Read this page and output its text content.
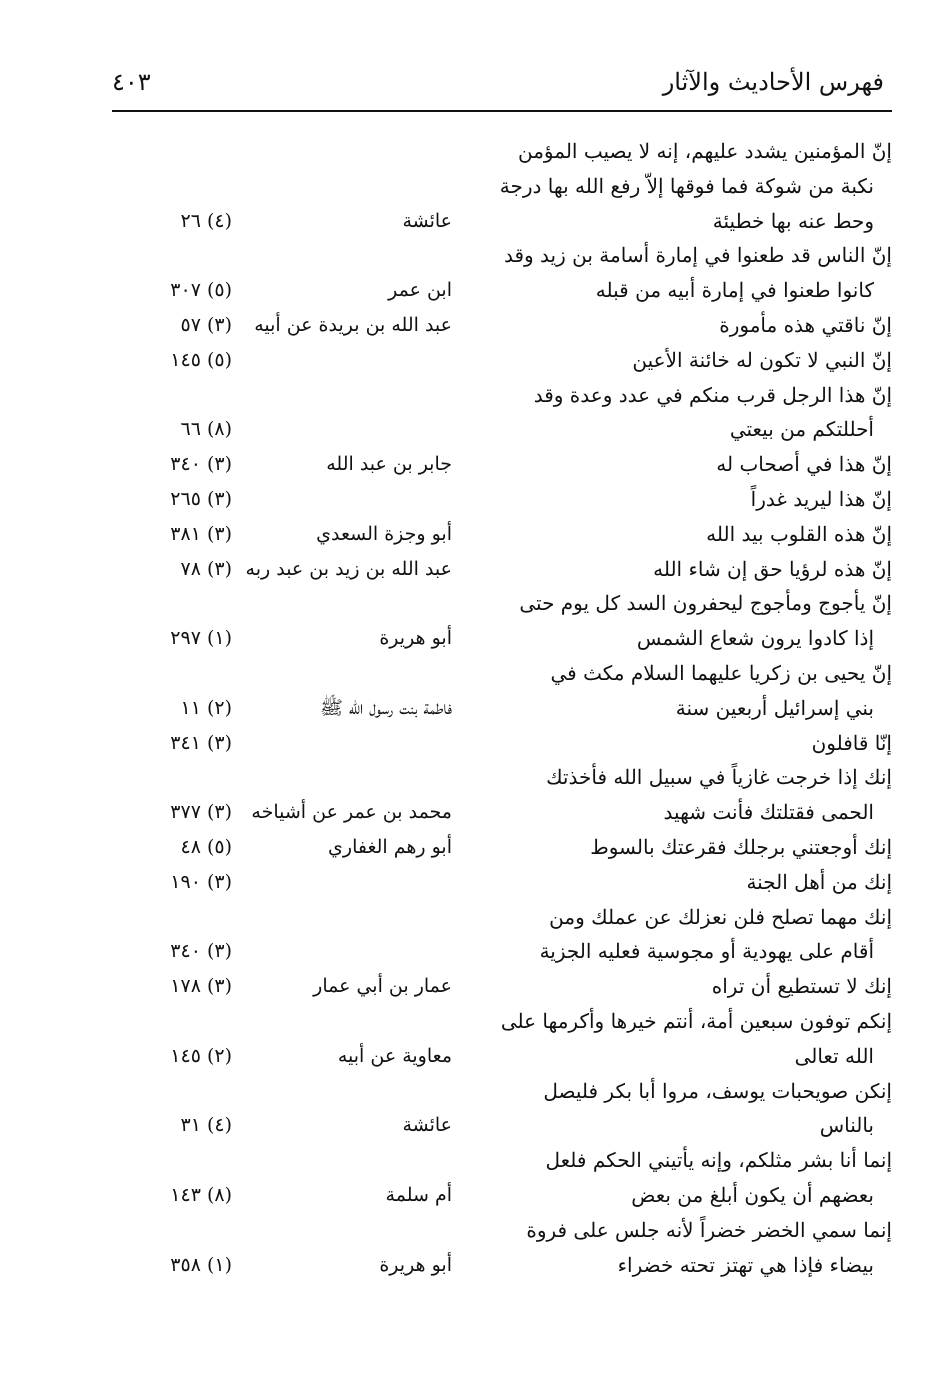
فهرس الأحاديث والآثار
٤٠٣
إنّ المؤمنين يشدد عليهم، إنه لا يصيب المؤمن
نكبة من شوكة فما فوقها إلاّ رفع الله بها درجة
وحط عنه بها خطيئة
عائشة
(٤) ٢٦
إنّ الناس قد طعنوا في إمارة أسامة بن زيد وقد
كانوا طعنوا في إمارة أبيه من قبله
ابن عمر
(٥) ٣٠٧
إنّ ناقتي هذه مأمورة
عبد الله بن بريدة عن أبيه
(٣) ٥٧
إنّ النبي لا تكون له خائنة الأعين
(٥) ١٤٥
إنّ هذا الرجل قرب منكم في عدد وعدة وقد
أحللتكم من بيعتي
(٨) ٦٦
إنّ هذا في أصحاب له
جابر بن عبد الله
(٣) ٣٤٠
إنّ هذا ليريد غدراً
(٣) ٢٦٥
إنّ هذه القلوب بيد الله
أبو وجزة السعدي
(٣) ٣٨١
إنّ هذه لرؤيا حق إن شاء الله
عبد الله بن زيد بن عبد ربه
(٣) ٧٨
إنّ يأجوج ومأجوج ليحفرون السد كل يوم حتى
إذا كادوا يرون شعاع الشمس
أبو هريرة
(١) ٢٩٧
إنّ يحيى بن زكريا عليهما السلام مكث في
بني إسرائيل أربعين سنة
فاطمة بنت رسول الله ﷺ
(٢) ١١
إنّا قافلون
(٣) ٣٤١
إنك إذا خرجت غازياً في سبيل الله فأخذتك
الحمى فقتلتك فأنت شهيد
محمد بن عمر عن أشياخه
(٣) ٣٧٧
إنك أوجعتني برجلك فقرعتك بالسوط
أبو رهم الغفاري
(٥) ٤٨
إنك من أهل الجنة
(٣) ١٩٠
إنك مهما تصلح فلن نعزلك عن عملك ومن
أقام على يهودية أو مجوسية فعليه الجزية
(٣) ٣٤٠
إنك لا تستطيع أن تراه
عمار بن أبي عمار
(٣) ١٧٨
إنكم توفون سبعين أمة، أنتم خيرها وأكرمها على
الله تعالى
معاوية عن أبيه
(٢) ١٤٥
إنكن صويحبات يوسف، مروا أبا بكر فليصل
بالناس
عائشة
(٤) ٣١
إنما أنا بشر مثلكم، وإنه يأتيني الحكم فلعل
بعضهم أن يكون أبلغ من بعض
أم سلمة
(٨) ١٤٣
إنما سمي الخضر خضراً لأنه جلس على فروة
بيضاء فإذا هي تهتز تحته خضراء
أبو هريرة
(١) ٣٥٨
